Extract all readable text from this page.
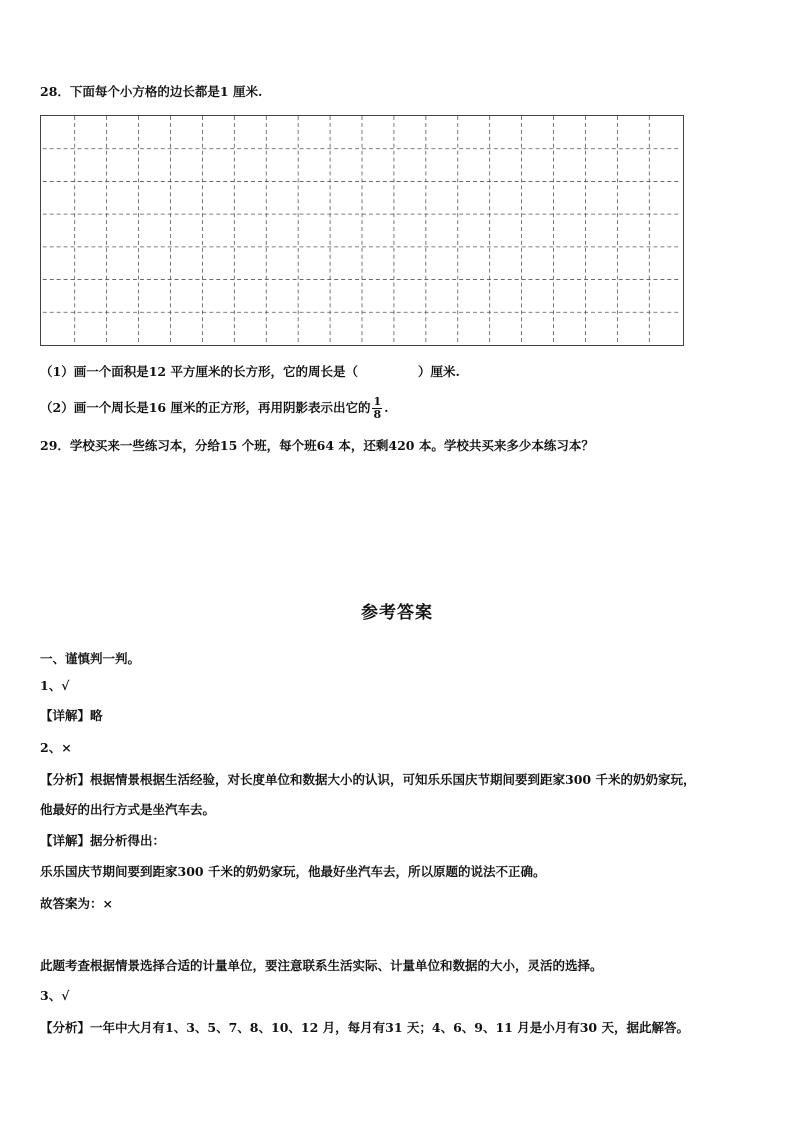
28．下面每个小方格的边长都是1 厘米.
（1）画一个面积是12 平方厘米的长方形，它的周长是（	）厘米.
（2）画一个周长是16 厘米的正方形，再用阴影表示出它的 $\frac{1}{8}$ .
29．学校买来一些练习本，分给15 个班，每个班64 本，还剩420 本。学校共买来多少本练习本？
参考答案
一、谨慎判一判。
1、√
【详解】略
2、×
【分析】根据情景根据生活经验，对长度单位和数据大小的认识，可知乐乐国庆节期间要到距家300 千米的奶奶家玩，
他最好的出行方式是坐汽车去。
【详解】据分析得出：
乐乐国庆节期间要到距家300 千米的奶奶家玩，他最好坐汽车去，所以原题的说法不正确。
故答案为：×
此题考查根据情景选择合适的计量单位，要注意联系生活实际、计量单位和数据的大小，灵活的选择。
3、√
【分析】一年中大月有1、3、5、7、8、10、12 月，每月有31 天；4、6、9、11 月是小月有30 天，据此解答。
